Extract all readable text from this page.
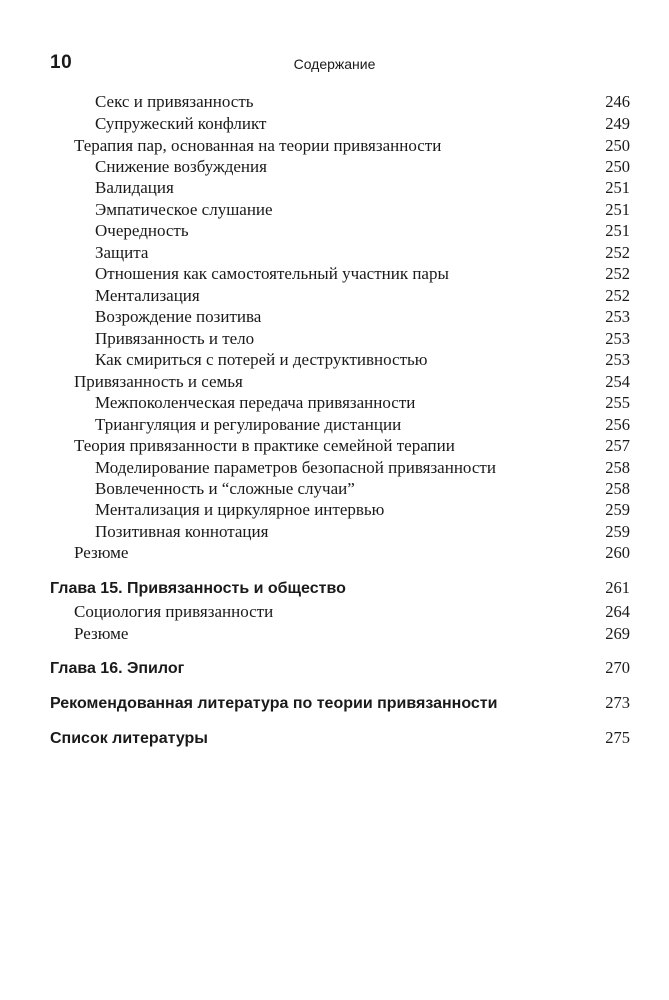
10	Содержание
Секс и привязанность	246
Супружеский конфликт	249
Терапия пар, основанная на теории привязанности	250
Снижение возбуждения	250
Валидация	251
Эмпатическое слушание	251
Очередность	251
Защита	252
Отношения как самостоятельный участник пары	252
Ментализация	252
Возрождение позитива	253
Привязанность и тело	253
Как смириться с потерей и деструктивностью	253
Привязанность и семья	254
Межпоколенческая передача привязанности	255
Триангуляция и регулирование дистанции	256
Теория привязанности в практике семейной терапии	257
Моделирование параметров безопасной привязанности	258
Вовлеченность и “сложные случаи”	258
Ментализация и циркулярное интервью	259
Позитивная коннотация	259
Резюме	260
Глава 15. Привязанность и общество	261
Социология привязанности	264
Резюме	269
Глава 16. Эпилог	270
Рекомендованная литература по теории привязанности	273
Список литературы	275
